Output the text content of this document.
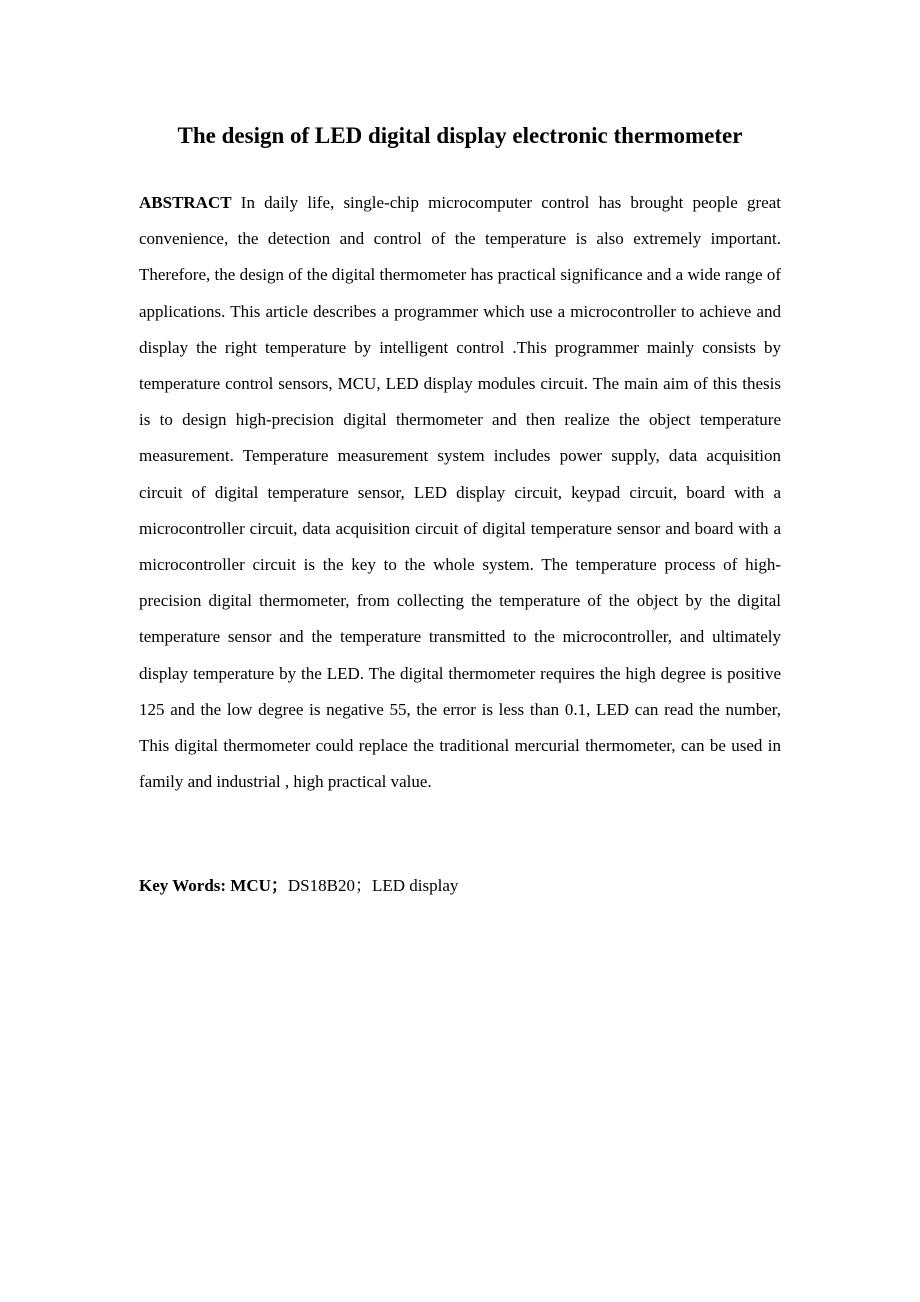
The design of LED digital display electronic thermometer

ABSTRACT In daily life, single-chip microcomputer control has brought people great convenience, the detection and control of the temperature is also extremely important. Therefore, the design of the digital thermometer has practical significance and a wide range of applications. This article describes a programmer which use a microcontroller to achieve and display the right temperature by intelligent control .This programmer mainly consists by temperature control sensors, MCU, LED display modules circuit. The main aim of this thesis is to design high-precision digital thermometer and then realize the object temperature measurement. Temperature measurement system includes power supply, data acquisition circuit of digital temperature sensor, LED display circuit, keypad circuit, board with a microcontroller circuit, data acquisition circuit of digital temperature sensor and board with a microcontroller circuit is the key to the whole system. The temperature process of high-precision digital thermometer, from collecting the temperature of the object by the digital temperature sensor and the temperature transmitted to the microcontroller, and ultimately display temperature by the LED. The digital thermometer requires the high degree is positive 125 and the low degree is negative 55, the error is less than 0.1, LED can read the number, This digital thermometer could replace the traditional mercurial thermometer, can be used in family and industrial , high practical value.

Key Words: MCU；DS18B20；LED display
